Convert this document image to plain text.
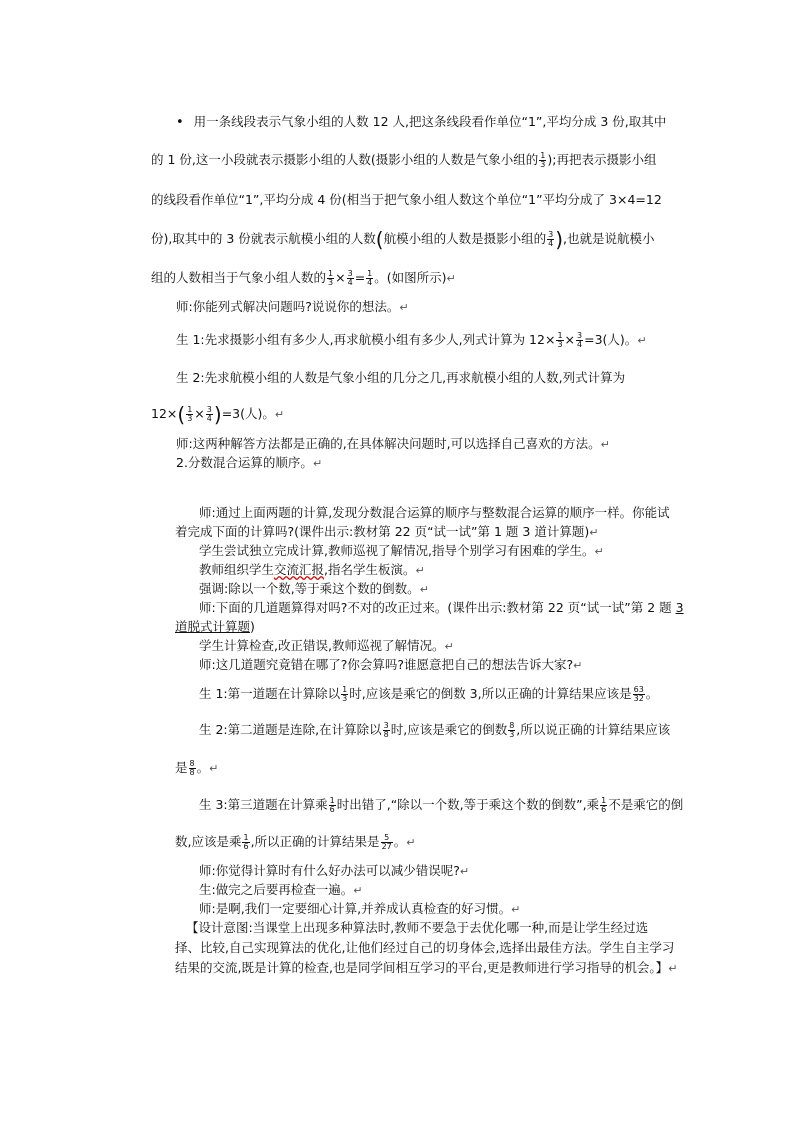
• 用一条线段表示气象小组的人数 12 人,把这条线段看作单位“1”,平均分成 3 份,取其中
的 1 份,这一小段就表示摄影小组的人数(摄影小组的人数是气象小组的 $\frac{1}{3}$ );再把表示摄影小组
的线段看作单位“1”,平均分成 4 份(相当于把气象小组人数这个单位“1”平均分成了 3×4=12
份),取其中的 3 份就表示航模小组的人数(航模小组的人数是摄影小组的 $\frac{3}{4}$ ),也就是说航模小
组的人数相当于气象小组人数的 $\frac{1}{3} \times \frac{3}{4} = \frac{1}{4}$ 。(如图所示)↵
师:你能列式解决问题吗?说说你的想法。↵
生 1:先求摄影小组有多少人,再求航模小组有多少人,列式计算为 $12\times \frac{1}{3} \times \frac{3}{4} =3$(人)。↵
生 2:先求航模小组的人数是气象小组的几分之几,再求航模小组的人数,列式计算为
$12\times( \frac{1}{3} \times \frac{3}{4} )=3$(人)。↵
师:这两种解答方法都是正确的,在具体解决问题时,可以选择自己喜欢的方法。↵
2.分数混合运算的顺序。↵
师:通过上面两题的计算,发现分数混合运算的顺序与整数混合运算的顺序一样。你能试
着完成下面的计算吗?(课件出示:教材第 22 页“试一试”第 1 题 3 道计算题)↵
学生尝试独立完成计算,教师巡视了解情况,指导个别学习有困难的学生。↵
教师组织学生交流汇报,指名学生板演。↵
强调:除以一个数,等于乘这个数的倒数。↵
师:下面的几道题算得对吗?不对的改正过来。(课件出示:教材第 22 页“试一试”第 2 题 3
道脱式计算题)
学生计算检查,改正错误,教师巡视了解情况。↵
师:这几道题究竟错在哪了?你会算吗?谁愿意把自己的想法告诉大家?↵
生 1:第一道题在计算除以 $\frac{1}{3}$ 时,应该是乘它的倒数 3,所以正确的计算结果应该是 $\frac{63}{32}$ 。
生 2:第二道题是连除,在计算除以 $\frac{3}{8}$ 时,应该是乘它的倒数 $\frac{8}{3}$ ,所以说正确的计算结果应该
是 $\frac{8}{8}$ 。↵
生 3:第三道题在计算乘 $\frac{1}{6}$ 时出错了,“除以一个数,等于乘这个数的倒数”,乘 $\frac{1}{6}$ 不是乘它的倒
数,应该是乘 $\frac{1}{6}$ ,所以正确的计算结果是 $\frac{5}{27}$ 。↵
师:你觉得计算时有什么好办法可以减少错误呢?↵
生:做完之后要再检查一遍。↵
师:是啊,我们一定要细心计算,并养成认真检查的好习惯。↵
【设计意图:当课堂上出现多种算法时,教师不要急于去优化哪一种,而是让学生经过选
择、比较,自己实现算法的优化,让他们经过自己的切身体会,选择出最佳方法。学生自主学习
结果的交流,既是计算的检查,也是同学间相互学习的平台,更是教师进行学习指导的机会。】↵
